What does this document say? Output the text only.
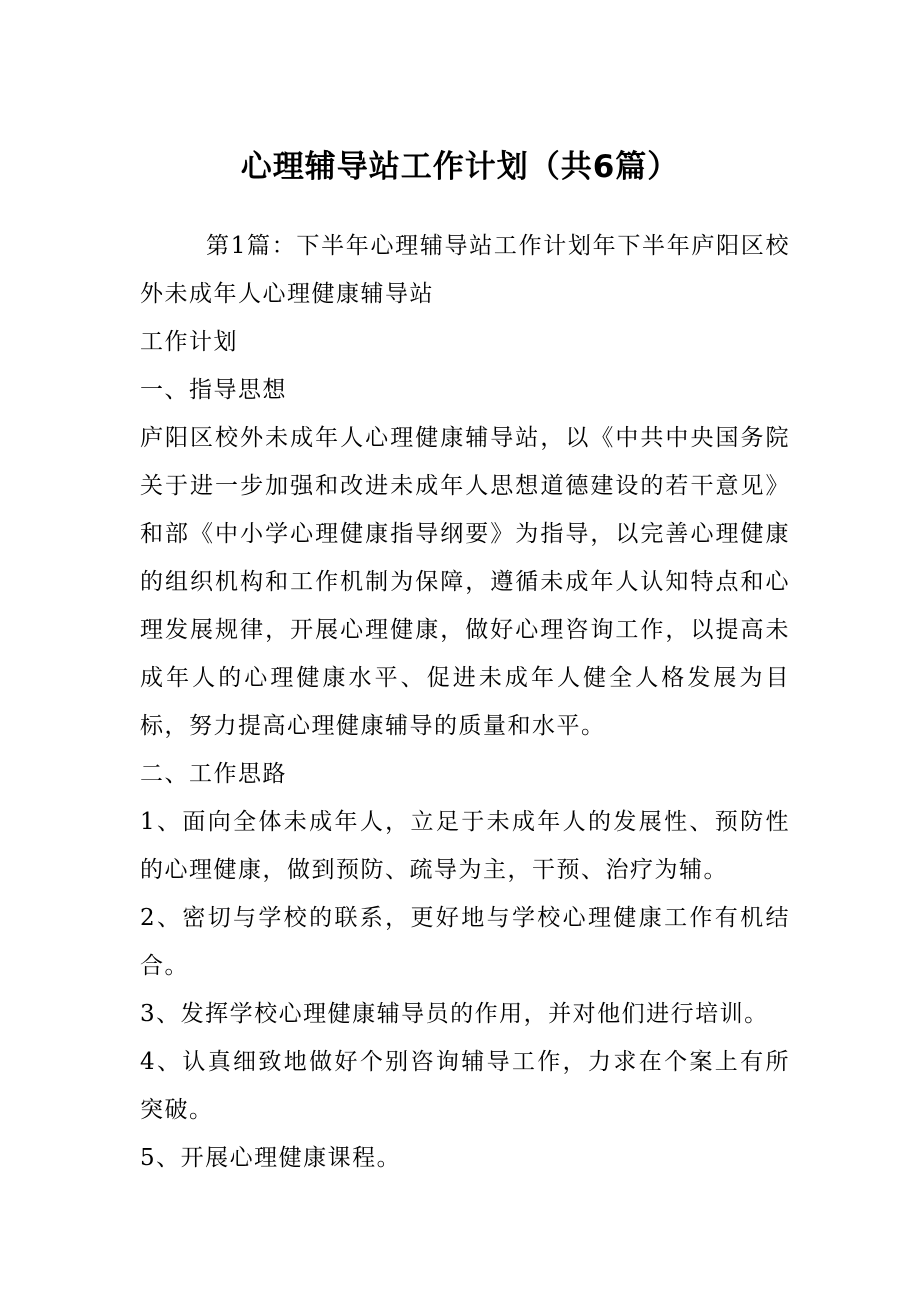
心理辅导站工作计划（共6篇）

第1篇：下半年心理辅导站工作计划年下半年庐阳区校外未成年人心理健康辅导站

工作计划

一、指导思想

庐阳区校外未成年人心理健康辅导站，以《中共中央国务院关于进一步加强和改进未成年人思想道德建设的若干意见》和部《中小学心理健康指导纲要》为指导，以完善心理健康的组织机构和工作机制为保障，遵循未成年人认知特点和心理发展规律，开展心理健康，做好心理咨询工作，以提高未成年人的心理健康水平、促进未成年人健全人格发展为目标，努力提高心理健康辅导的质量和水平。

二、工作思路

1、面向全体未成年人，立足于未成年人的发展性、预防性的心理健康，做到预防、疏导为主，干预、治疗为辅。

2、密切与学校的联系，更好地与学校心理健康工作有机结合。

3、发挥学校心理健康辅导员的作用，并对他们进行培训。

4、认真细致地做好个别咨询辅导工作，力求在个案上有所突破。

5、开展心理健康课程。
